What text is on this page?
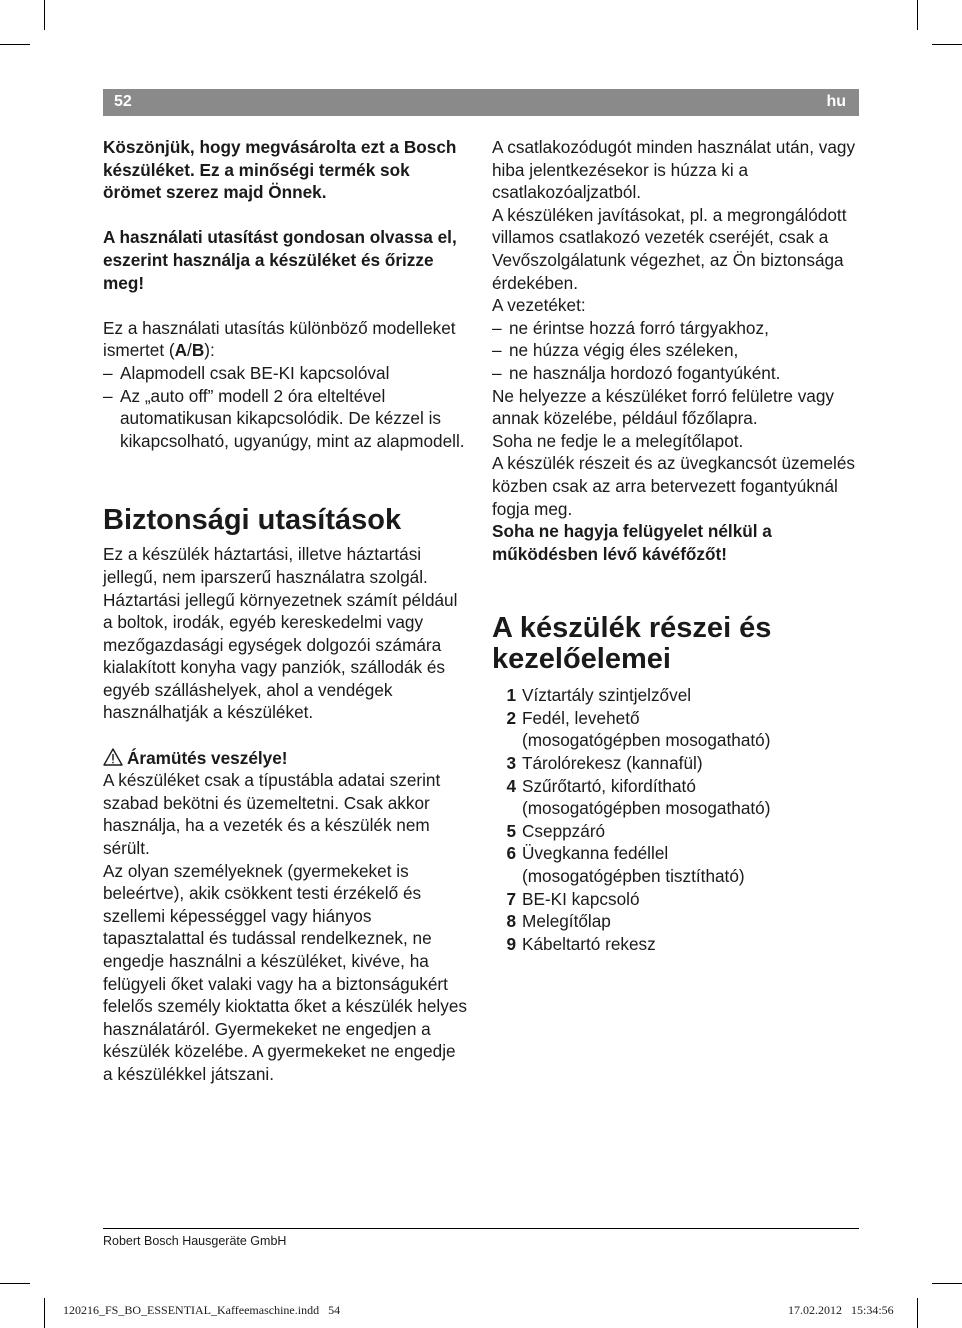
52	hu

Köszönjük, hogy megvásárolta ezt a Bosch készüléket. Ez a minőségi termék sok örömet szerez majd Önnek.

A használati utasítást gondosan olvassa el, eszerint használja a készüléket és őrizze meg!

Ez a használati utasítás különböző modelleket ismertet (A/B):

– Alapmodell csak BE-KI kapcsolóval

– Az „auto off” modell 2 óra elteltével automatikusan kikapcsolódik. De kézzel is kikapcsolható, ugyanúgy, mint az alapmodell.

Biztonsági utasítások

Ez a készülék háztartási, illetve háztartási jellegű, nem iparszerű használatra szolgál. Háztartási jellegű környezetnek számít például a boltok, irodák, egyéb kereskedelmi vagy mezőgazdasági egységek dolgozói számára kialakított konyha vagy panziók, szállodák és egyéb szálláshelyek, ahol a vendégek használhatják a készüléket.

Áramütés veszélye!

A készüléket csak a típustábla adatai szerint szabad bekötni és üzemeltetni. Csak akkor használja, ha a vezeték és a készülék nem sérült.

Az olyan személyeknek (gyermekeket is beleértve), akik csökkent testi érzékelő és szellemi képességgel vagy hiányos tapasztalattal és tudással rendelkeznek, ne engedje használni a készüléket, kivéve, ha felügyeli őket valaki vagy ha a biztonságukért felelős személy kioktatta őket a készülék helyes használatáról. Gyermekeket ne engedjen a készülék közelébe. A gyermekeket ne engedje a készülékkel játszani.

A csatlakozódugót minden használat után, vagy hiba jelentkezésekor is húzza ki a csatlakozóaljzatból.

A készüléken javításokat, pl. a megrongálódott villamos csatlakozó vezeték cseréjét, csak a Vevőszolgálatunk végezhet, az Ön biztonsága érdekében.

A vezetéket:

– ne érintse hozzá forró tárgyakhoz,

– ne húzza végig éles széleken,

– ne használja hordozó fogantyúként.

Ne helyezze a készüléket forró felületre vagy annak közelébe, például főzőlapra.

Soha ne fedje le a melegítőlapot.

A készülék részeit és az üvegkancsót üzemelés közben csak az arra betervezett fogantyúknál fogja meg.

Soha ne hagyja felügyelet nélkül a működésben lévő kávéfőzőt!

A készülék részei és
kezelőelemei
1 Víztartály szintjelzővel
2 Fedél, levehető
(mosogatógépben mosogatható)
3 Tárolórekesz (kannafül)
4 Szűrőtartó, kifordítható
(mosogatógépben mosogatható)
5 Cseppzáró
6 Üvegkanna fedéllel
(mosogatógépben tisztítható)
7 BE-KI kapcsoló
8 Melegítőlap
9 Kábeltartó rekesz
Robert Bosch Hausgeräte GmbH
120216_FS_BO_ESSENTIAL_Kaffeemaschine.indd   54	17.02.2012   15:34:56
